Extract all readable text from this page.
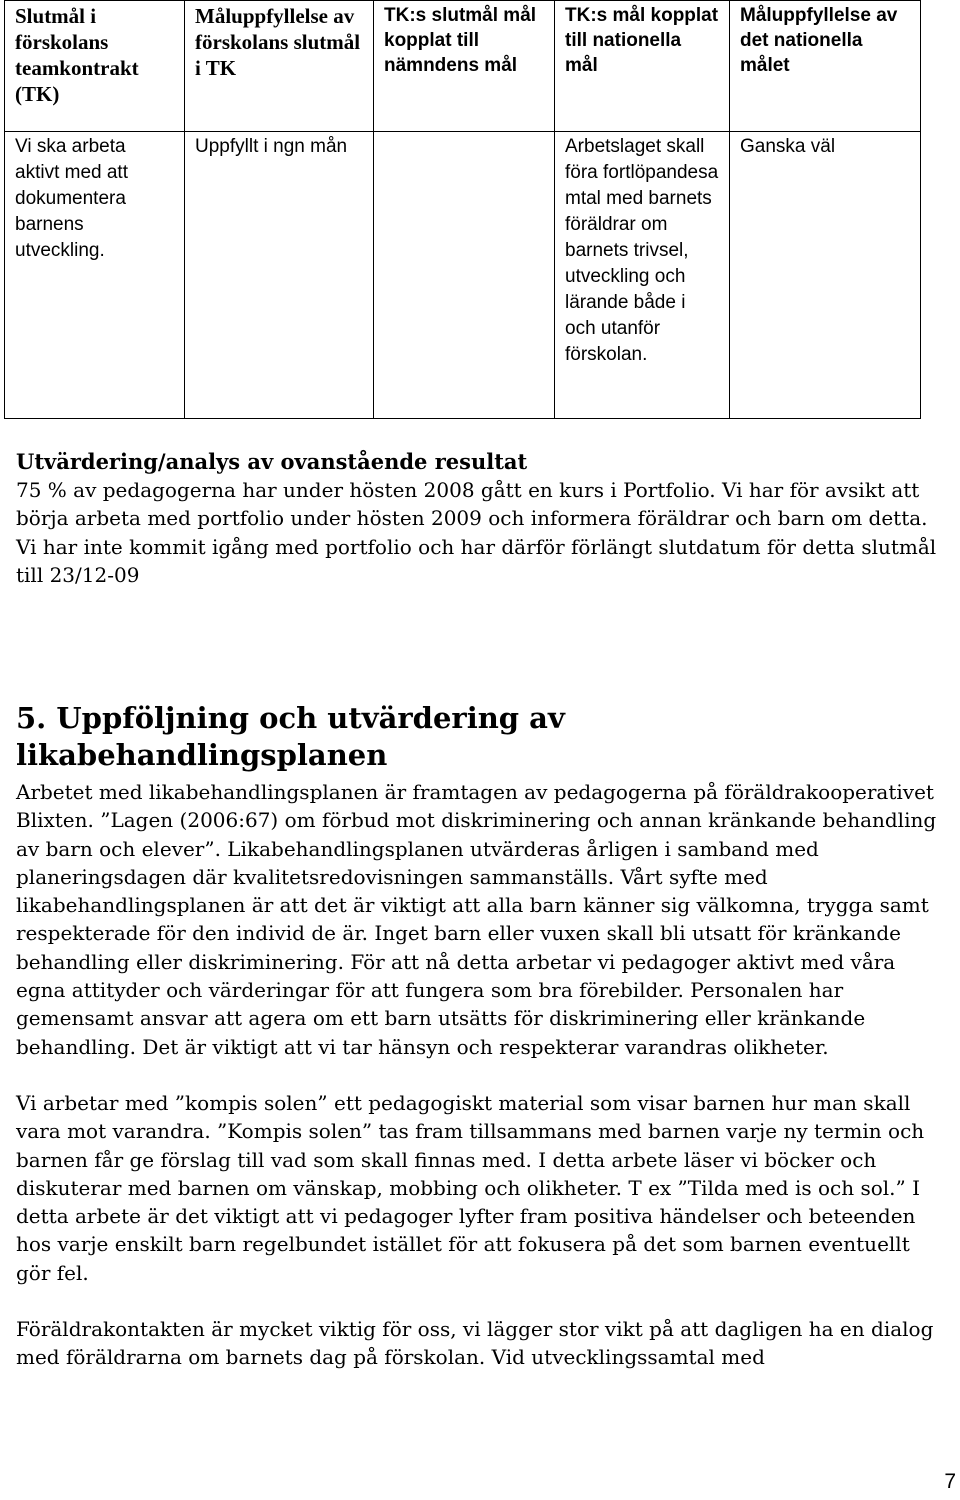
Slutmål i förskolans teamkontrakt (TK)	Måluppfyllelse av förskolans slutmål i TK	TK:s slutmål mål kopplat till nämndens mål	TK:s mål kopplat till nationella mål	Måluppfyllelse av det nationella målet

Vi ska arbeta aktivt med att dokumentera barnens utveckling.	Uppfyllt i ngn mån		Arbetslaget skall föra fortlöpandesa mtal med barnets föräldrar om barnets trivsel, utveckling och lärande både i och utanför förskolan.	Ganska väl
Utvärdering/analys av ovanstående resultat

75 % av pedagogerna har under hösten 2008 gått en kurs i Portfolio. Vi har för avsikt att börja arbeta med portfolio under hösten 2009 och informera föräldrar och barn om detta. Vi har inte kommit igång med portfolio och har därför förlängt slutdatum för detta slutmål till 23/12-09

5. Uppföljning och utvärdering av likabehandlingsplanen

Arbetet med likabehandlingsplanen är framtagen av pedagogerna på föräldrakooperativet Blixten. ”Lagen (2006:67) om förbud mot diskriminering och annan kränkande behandling av barn och elever”. Likabehandlingsplanen utvärderas årligen i samband med planeringsdagen där kvalitetsredovisningen sammanställs. Vårt syfte med likabehandlingsplanen är att det är viktigt att alla barn känner sig välkomna, trygga samt respekterade för den individ de är. Inget barn eller vuxen skall bli utsatt för kränkande behandling eller diskriminering. För att nå detta arbetar vi pedagoger aktivt med våra egna attityder och värderingar för att fungera som bra förebilder. Personalen har gemensamt ansvar att agera om ett barn utsätts för diskriminering eller kränkande behandling. Det är viktigt att vi tar hänsyn och respekterar varandras olikheter.

Vi arbetar med ”kompis solen” ett pedagogiskt material som visar barnen hur man skall vara mot varandra. ”Kompis solen” tas fram tillsammans med barnen varje ny termin och barnen får ge förslag till vad som skall finnas med. I detta arbete läser vi böcker och diskuterar med barnen om vänskap, mobbing och olikheter. T ex ”Tilda med is och sol.” I detta arbete är det viktigt att vi pedagoger lyfter fram positiva händelser och beteenden hos varje enskilt barn regelbundet istället för att fokusera på det som barnen eventuellt gör fel.

Föräldrakontakten är mycket viktig för oss, vi lägger stor vikt på att dagligen ha en dialog med föräldrarna om barnets dag på förskolan. Vid utvecklingssamtal med

7
